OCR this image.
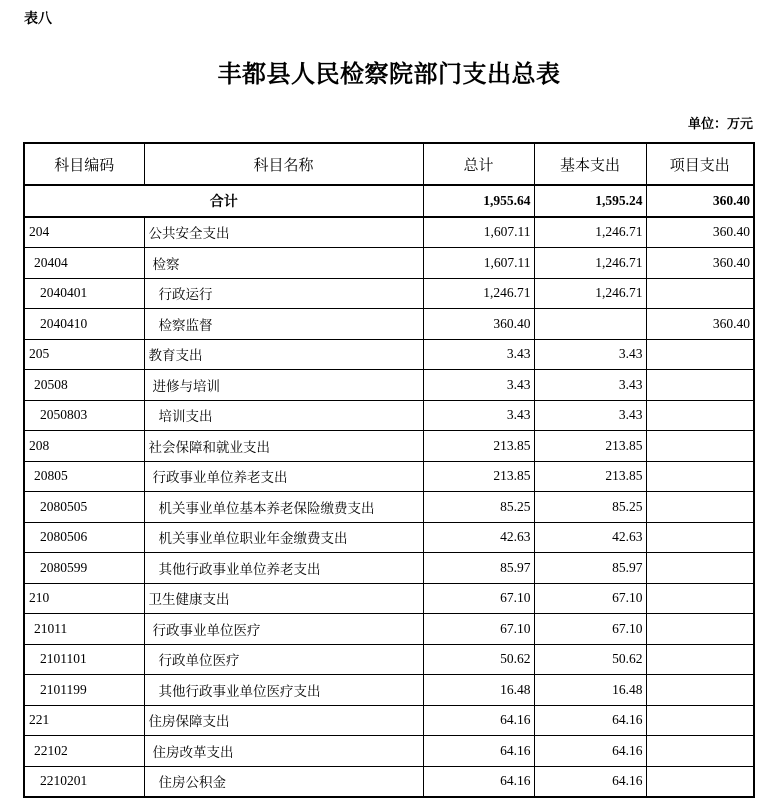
表八
丰都县人民检察院部门支出总表
单位：万元
科目编码	科目名称	总计	基本支出	项目支出
合计		1,955.64	1,595.24	360.40
204	公共安全支出	1,607.11	1,246.71	360.40
20404	检察	1,607.11	1,246.71	360.40
2040401	行政运行	1,246.71	1,246.71	
2040410	检察监督	360.40		360.40
205	教育支出	3.43	3.43	
20508	进修与培训	3.43	3.43	
2050803	培训支出	3.43	3.43	
208	社会保障和就业支出	213.85	213.85	
20805	行政事业单位养老支出	213.85	213.85	
2080505	机关事业单位基本养老保险缴费支出	85.25	85.25	
2080506	机关事业单位职业年金缴费支出	42.63	42.63	
2080599	其他行政事业单位养老支出	85.97	85.97	
210	卫生健康支出	67.10	67.10	
21011	行政事业单位医疗	67.10	67.10	
2101101	行政单位医疗	50.62	50.62	
2101199	其他行政事业单位医疗支出	16.48	16.48	
221	住房保障支出	64.16	64.16	
22102	住房改革支出	64.16	64.16	
2210201	住房公积金	64.16	64.16	
